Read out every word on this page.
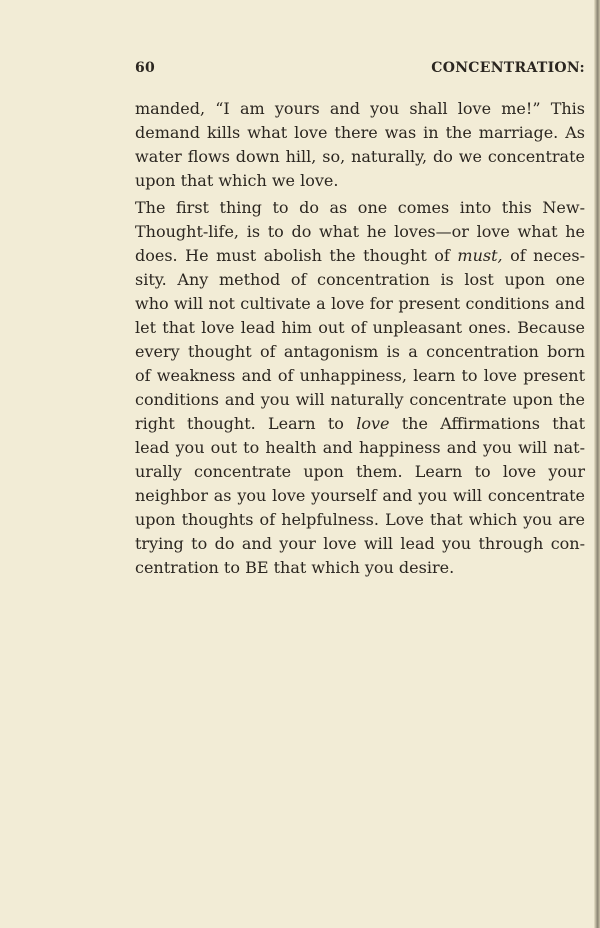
60	CONCENTRATION:
manded, “I am yours and you shall love me!” This
demand kills what love there was in the marriage. As
water flows down hill, so, naturally, do we concentrate
upon that which we love.
The first thing to do as one comes into this New-
Thought-life, is to do what he loves—or love what he
does. He must abolish the thought of must, of neces-
sity. Any method of concentration is lost upon one
who will not cultivate a love for present conditions and
let that love lead him out of unpleasant ones. Because
every thought of antagonism is a concentration born
of weakness and of unhappiness, learn to love present
conditions and you will naturally concentrate upon the
right thought. Learn to love the Affirmations that
lead you out to health and happiness and you will nat-
urally concentrate upon them. Learn to love your
neighbor as you love yourself and you will concentrate
upon thoughts of helpfulness. Love that which you are
trying to do and your love will lead you through con-
centration to BE that which you desire.
